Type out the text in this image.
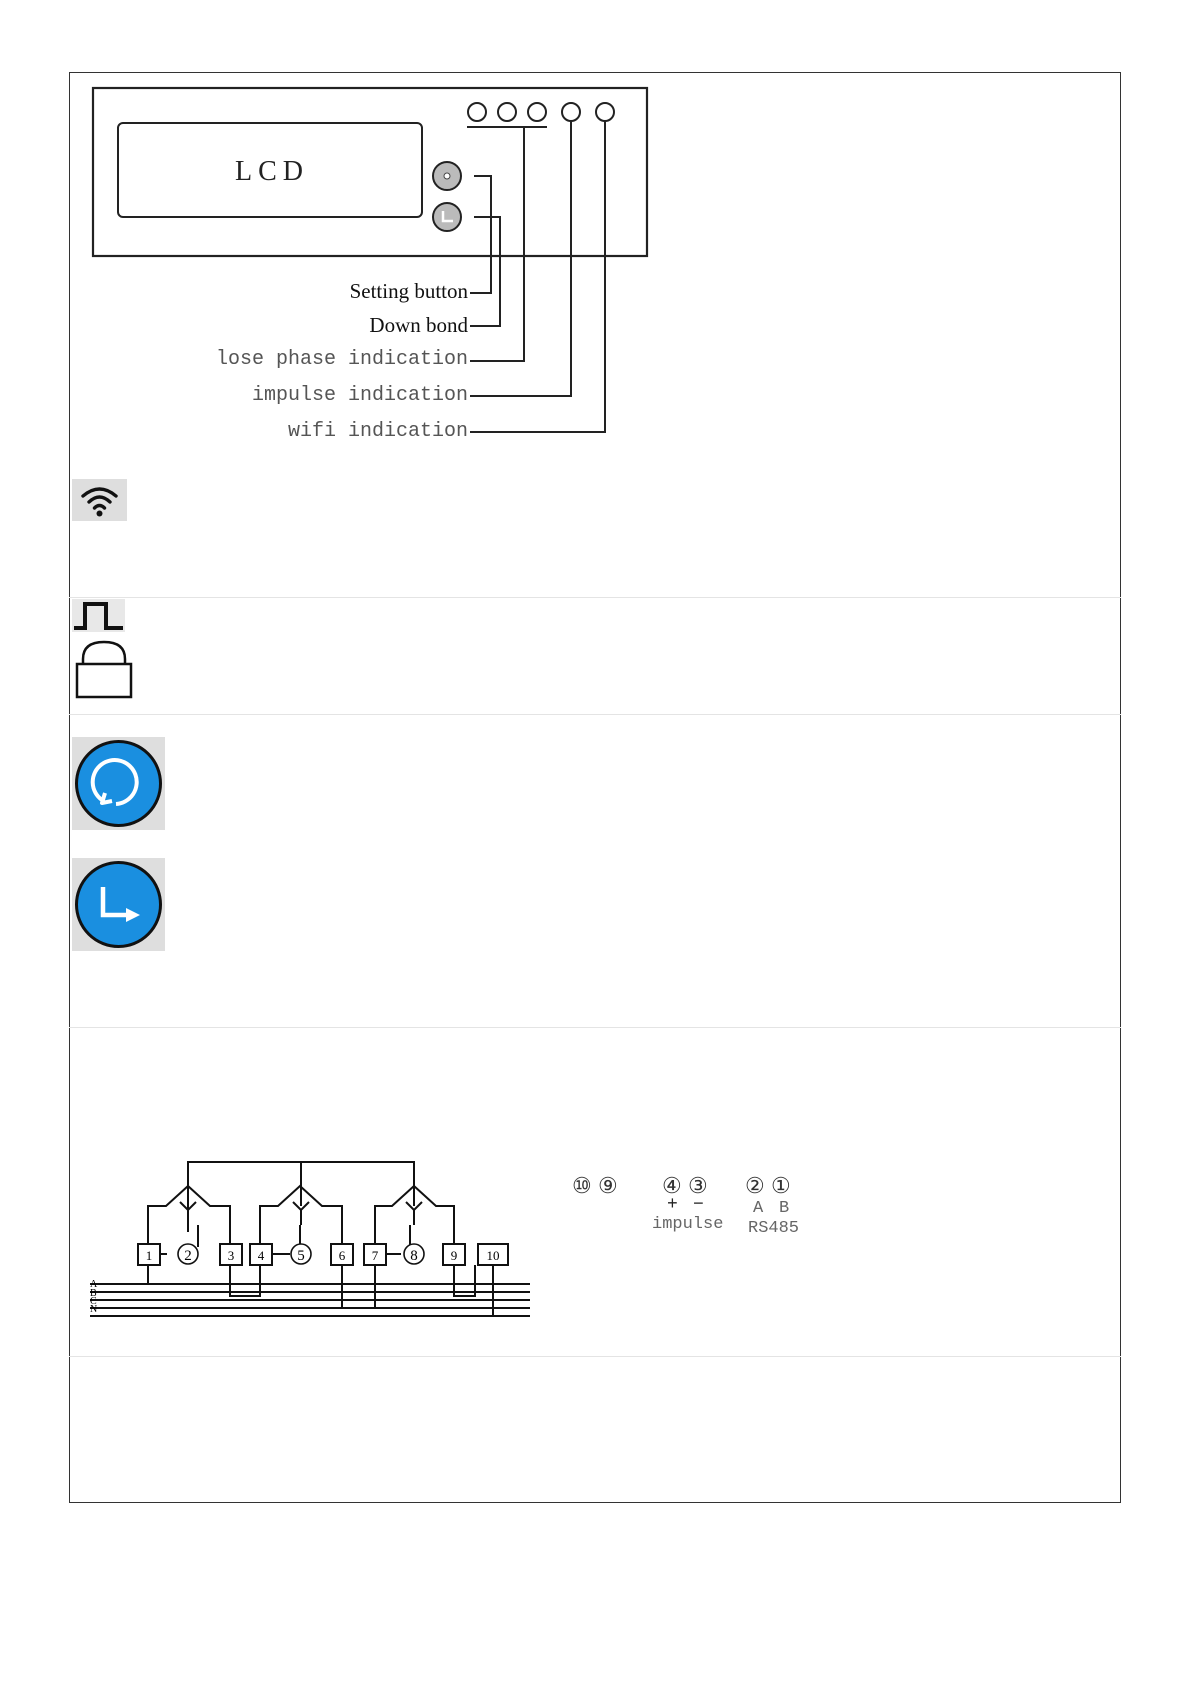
LCD
Setting button
Down bond
lose phase indication
impulse indication
wifi indication
1	3 4	6 7	9 10
2	5	8
A
B
C
N
⑩ ⑨ ④ ③
+ −
impulse
② ①
A B
RS485
